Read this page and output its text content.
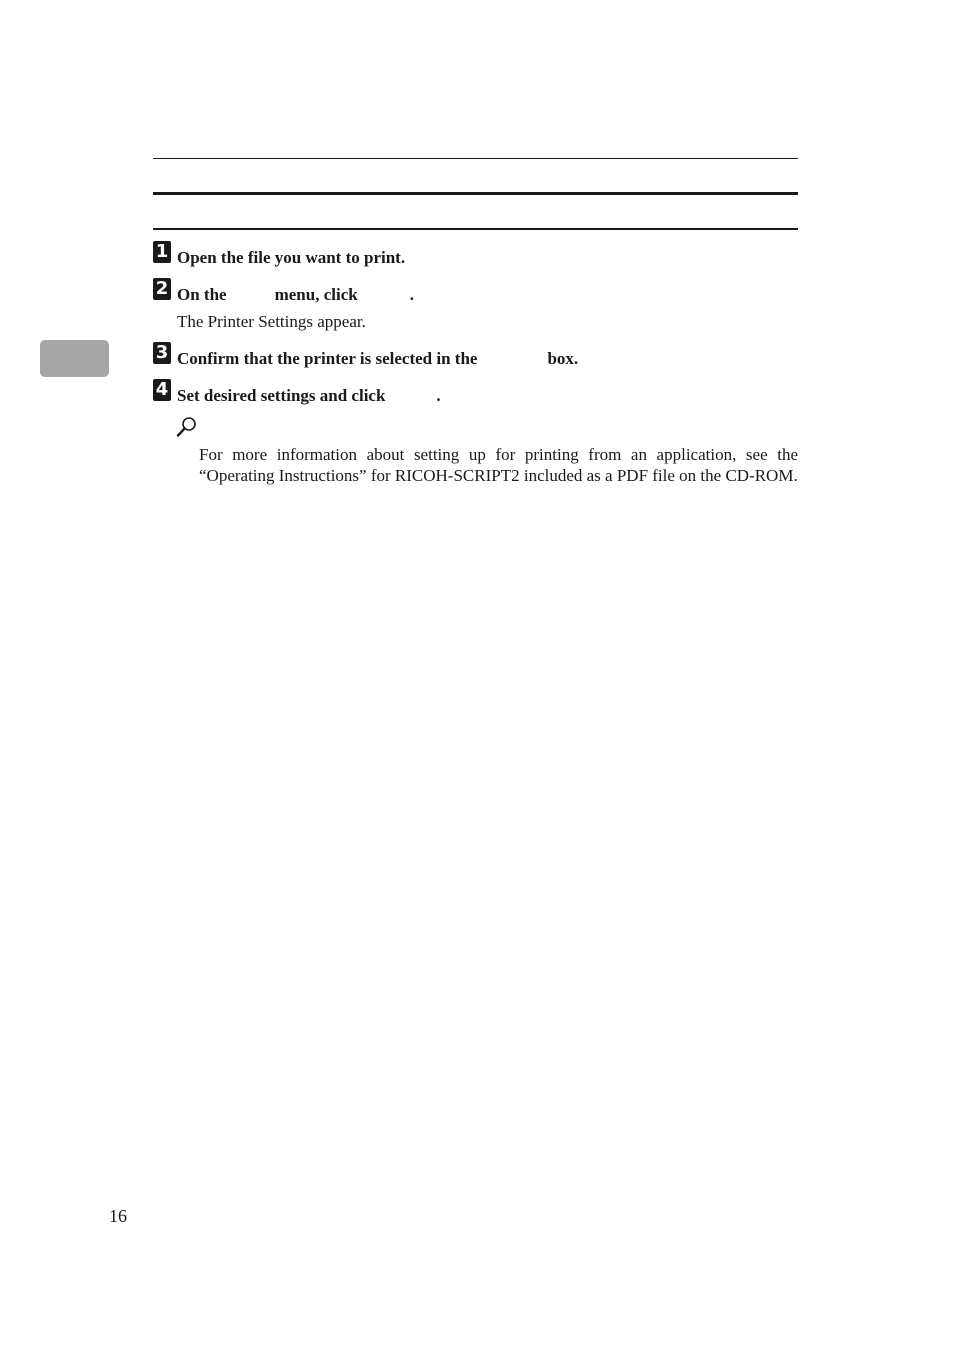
1 Open the file you want to print.
2 On the	menu, click	.
The Printer Settings appear.
3 Confirm that the printer is selected in the	box.
4 Set desired settings and click	.
For more information about setting up for printing from an application, see the “Operating Instructions” for RICOH-SCRIPT2 included as a PDF file on the CD-ROM.
16
